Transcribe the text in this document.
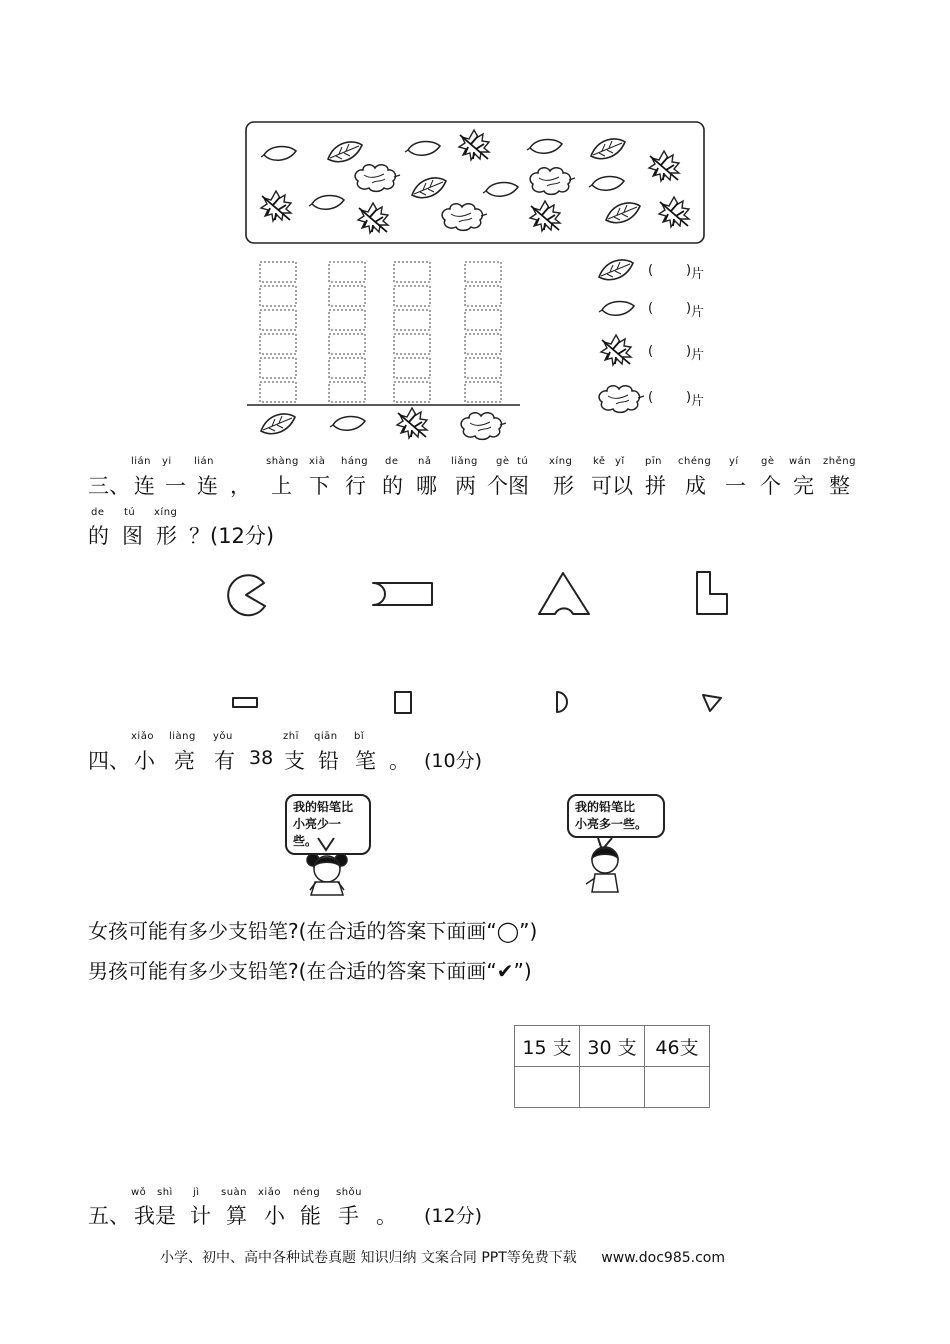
(	) 片
(	) 片
(	) 片
(	) 片
lián yi lián	shàng xià háng de nǎ liǎng gè tú xíng kě yǐ pīn chéng yí gè wán zhěng
三、 连 一 连 ， 上 下 行 的 哪 两 个图 形 可以 拼 成 一 个 完 整
de tú xíng
的 图 形 ？(12分)
xiǎo liàng yǒu	zhī qiān bǐ
四、 小 亮 有 38 支 铅 笔 。 (10分)
我的铅笔比
小亮少一些。
我的铅笔比
小亮多一些。
女孩可能有多少支铅笔?(在合适的答案下面画“◯”)
男孩可能有多少支铅笔?(在合适的答案下面画“✔”)
15 支	30 支	46支

wǒ shì jì suàn xiǎo néng shǒu
五、 我是 计 算 小 能 手 。 (12分)
小学、初中、高中各种试卷真题 知识归纳 文案合同 PPT等免费下载 www.doc985.com
